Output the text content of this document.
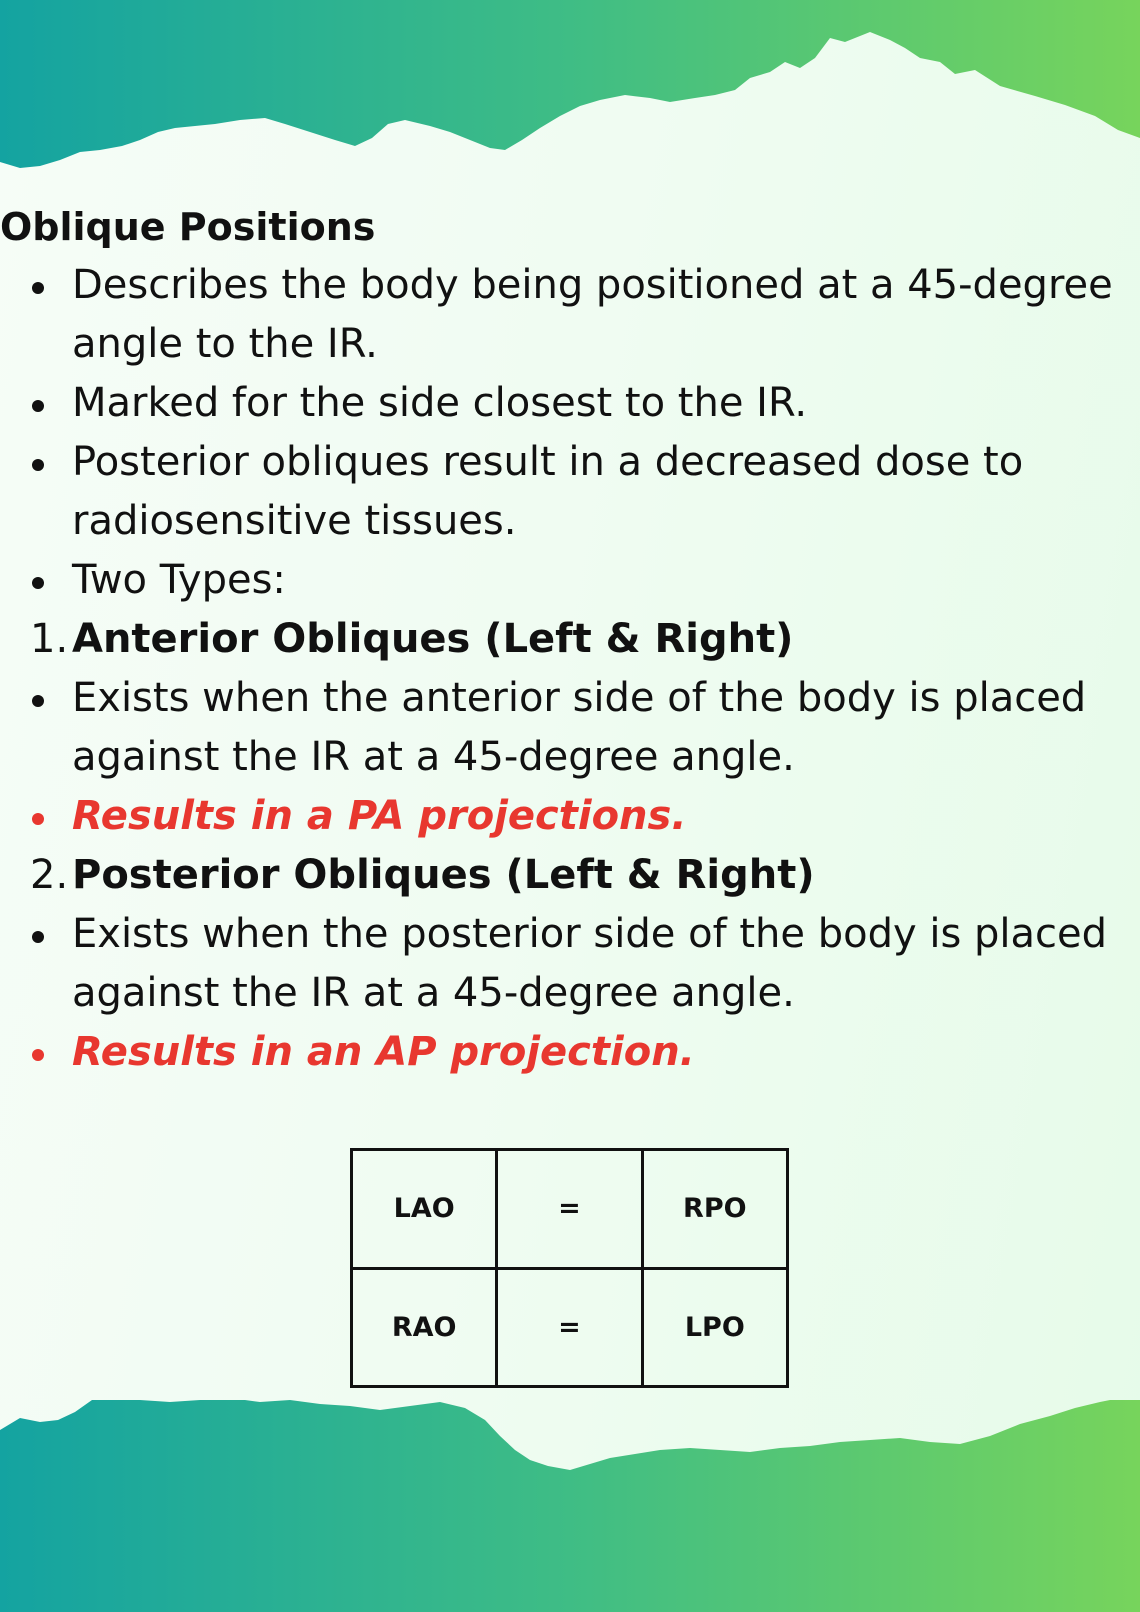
Oblique Positions
Describes the body being positioned at a 45-degree angle to the IR.
Marked for the side closest to the IR.
Posterior obliques result in a decreased dose to radiosensitive tissues.
Two Types:
1. Anterior Obliques (Left & Right)
Exists when the anterior side of the body is placed against the IR at a 45-degree angle.
Results in a PA projections.
2. Posterior Obliques (Left & Right)
Exists when the posterior side of the body is placed against the IR at a 45-degree angle.
Results in an AP projection.
LAO	=	RPO
RAO	=	LPO
